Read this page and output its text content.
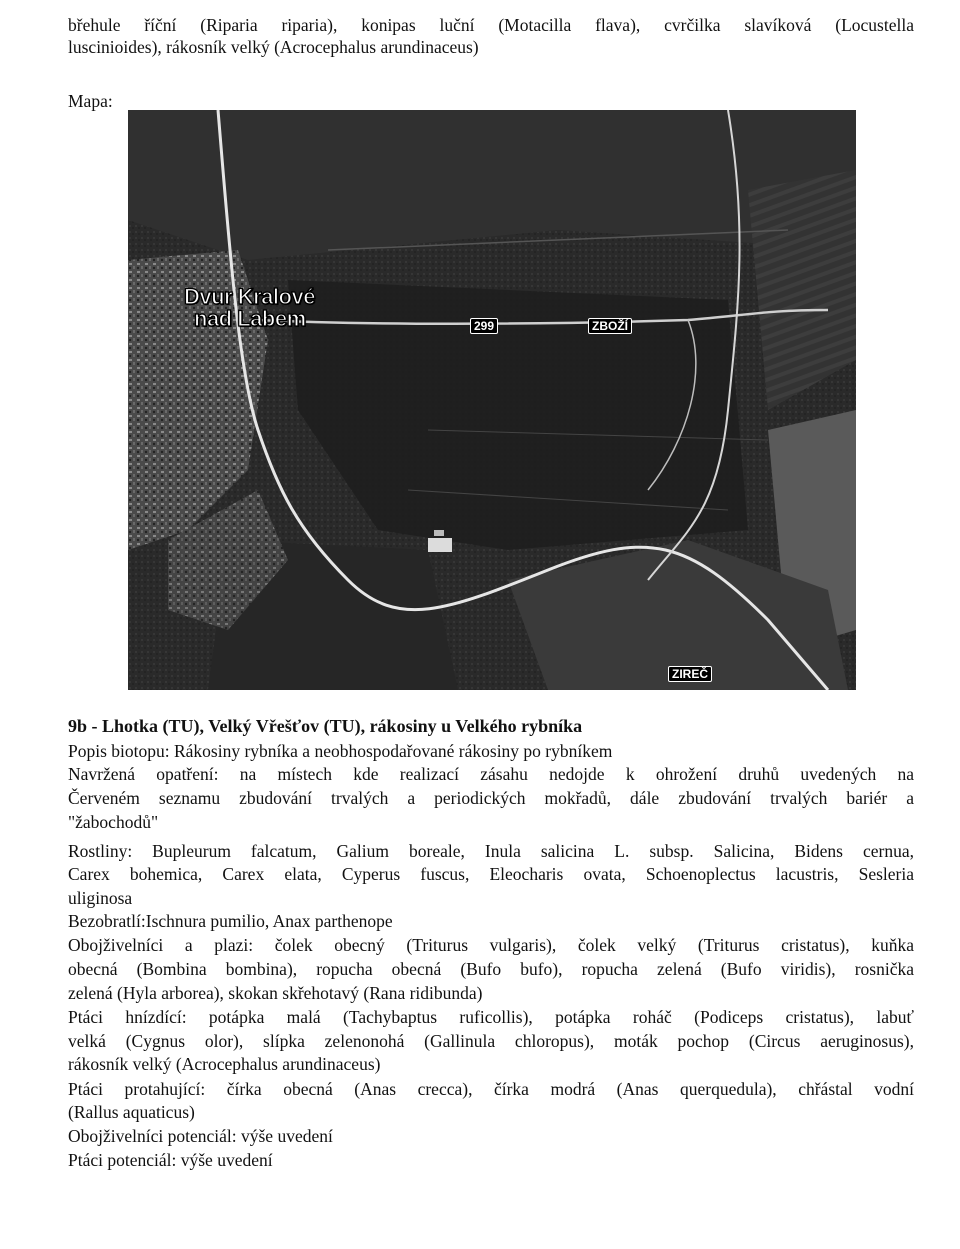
břehule říční (Riparia riparia), konipas luční (Motacilla flava), cvrčilka slavíková (Locustella
luscinioides), rákosník velký (Acrocephalus arundinaceus)
Mapa:
Dvur Kralové
nad Labem	299	ZBOŽÍ
ZIREČ
9b - Lhotka (TU), Velký Vřešťov (TU), rákosiny u Velkého rybníka
Popis biotopu: Rákosiny rybníka a neobhospodařované rákosiny po rybníkem
Navržená opatření: na místech kde realizací zásahu nedojde k ohrožení druhů uvedených na
Červeném seznamu zbudování trvalých a periodických mokřadů, dále zbudování trvalých bariér a
"žabochodů"
Rostliny: Bupleurum falcatum, Galium boreale, Inula salicina L. subsp. Salicina, Bidens cernua,
Carex bohemica, Carex elata, Cyperus fuscus, Eleocharis ovata, Schoenoplectus lacustris, Sesleria
uliginosa
Bezobratlí:Ischnura pumilio, Anax parthenope
Obojživelníci a plazi: čolek obecný (Triturus vulgaris), čolek velký (Triturus cristatus), kuňka
obecná (Bombina bombina), ropucha obecná (Bufo bufo), ropucha zelená (Bufo viridis), rosnička
zelená (Hyla arborea), skokan skřehotavý (Rana ridibunda)
Ptáci hnízdící: potápka malá (Tachybaptus ruficollis), potápka roháč (Podiceps cristatus), labuť
velká (Cygnus olor), slípka zelenonohá (Gallinula chloropus), moták pochop (Circus aeruginosus),
rákosník velký (Acrocephalus arundinaceus)
Ptáci protahující: čírka obecná (Anas crecca), čírka modrá (Anas querquedula), chřástal vodní
(Rallus aquaticus)
Obojživelníci potenciál: výše uvedení
Ptáci potenciál: výše uvedení
